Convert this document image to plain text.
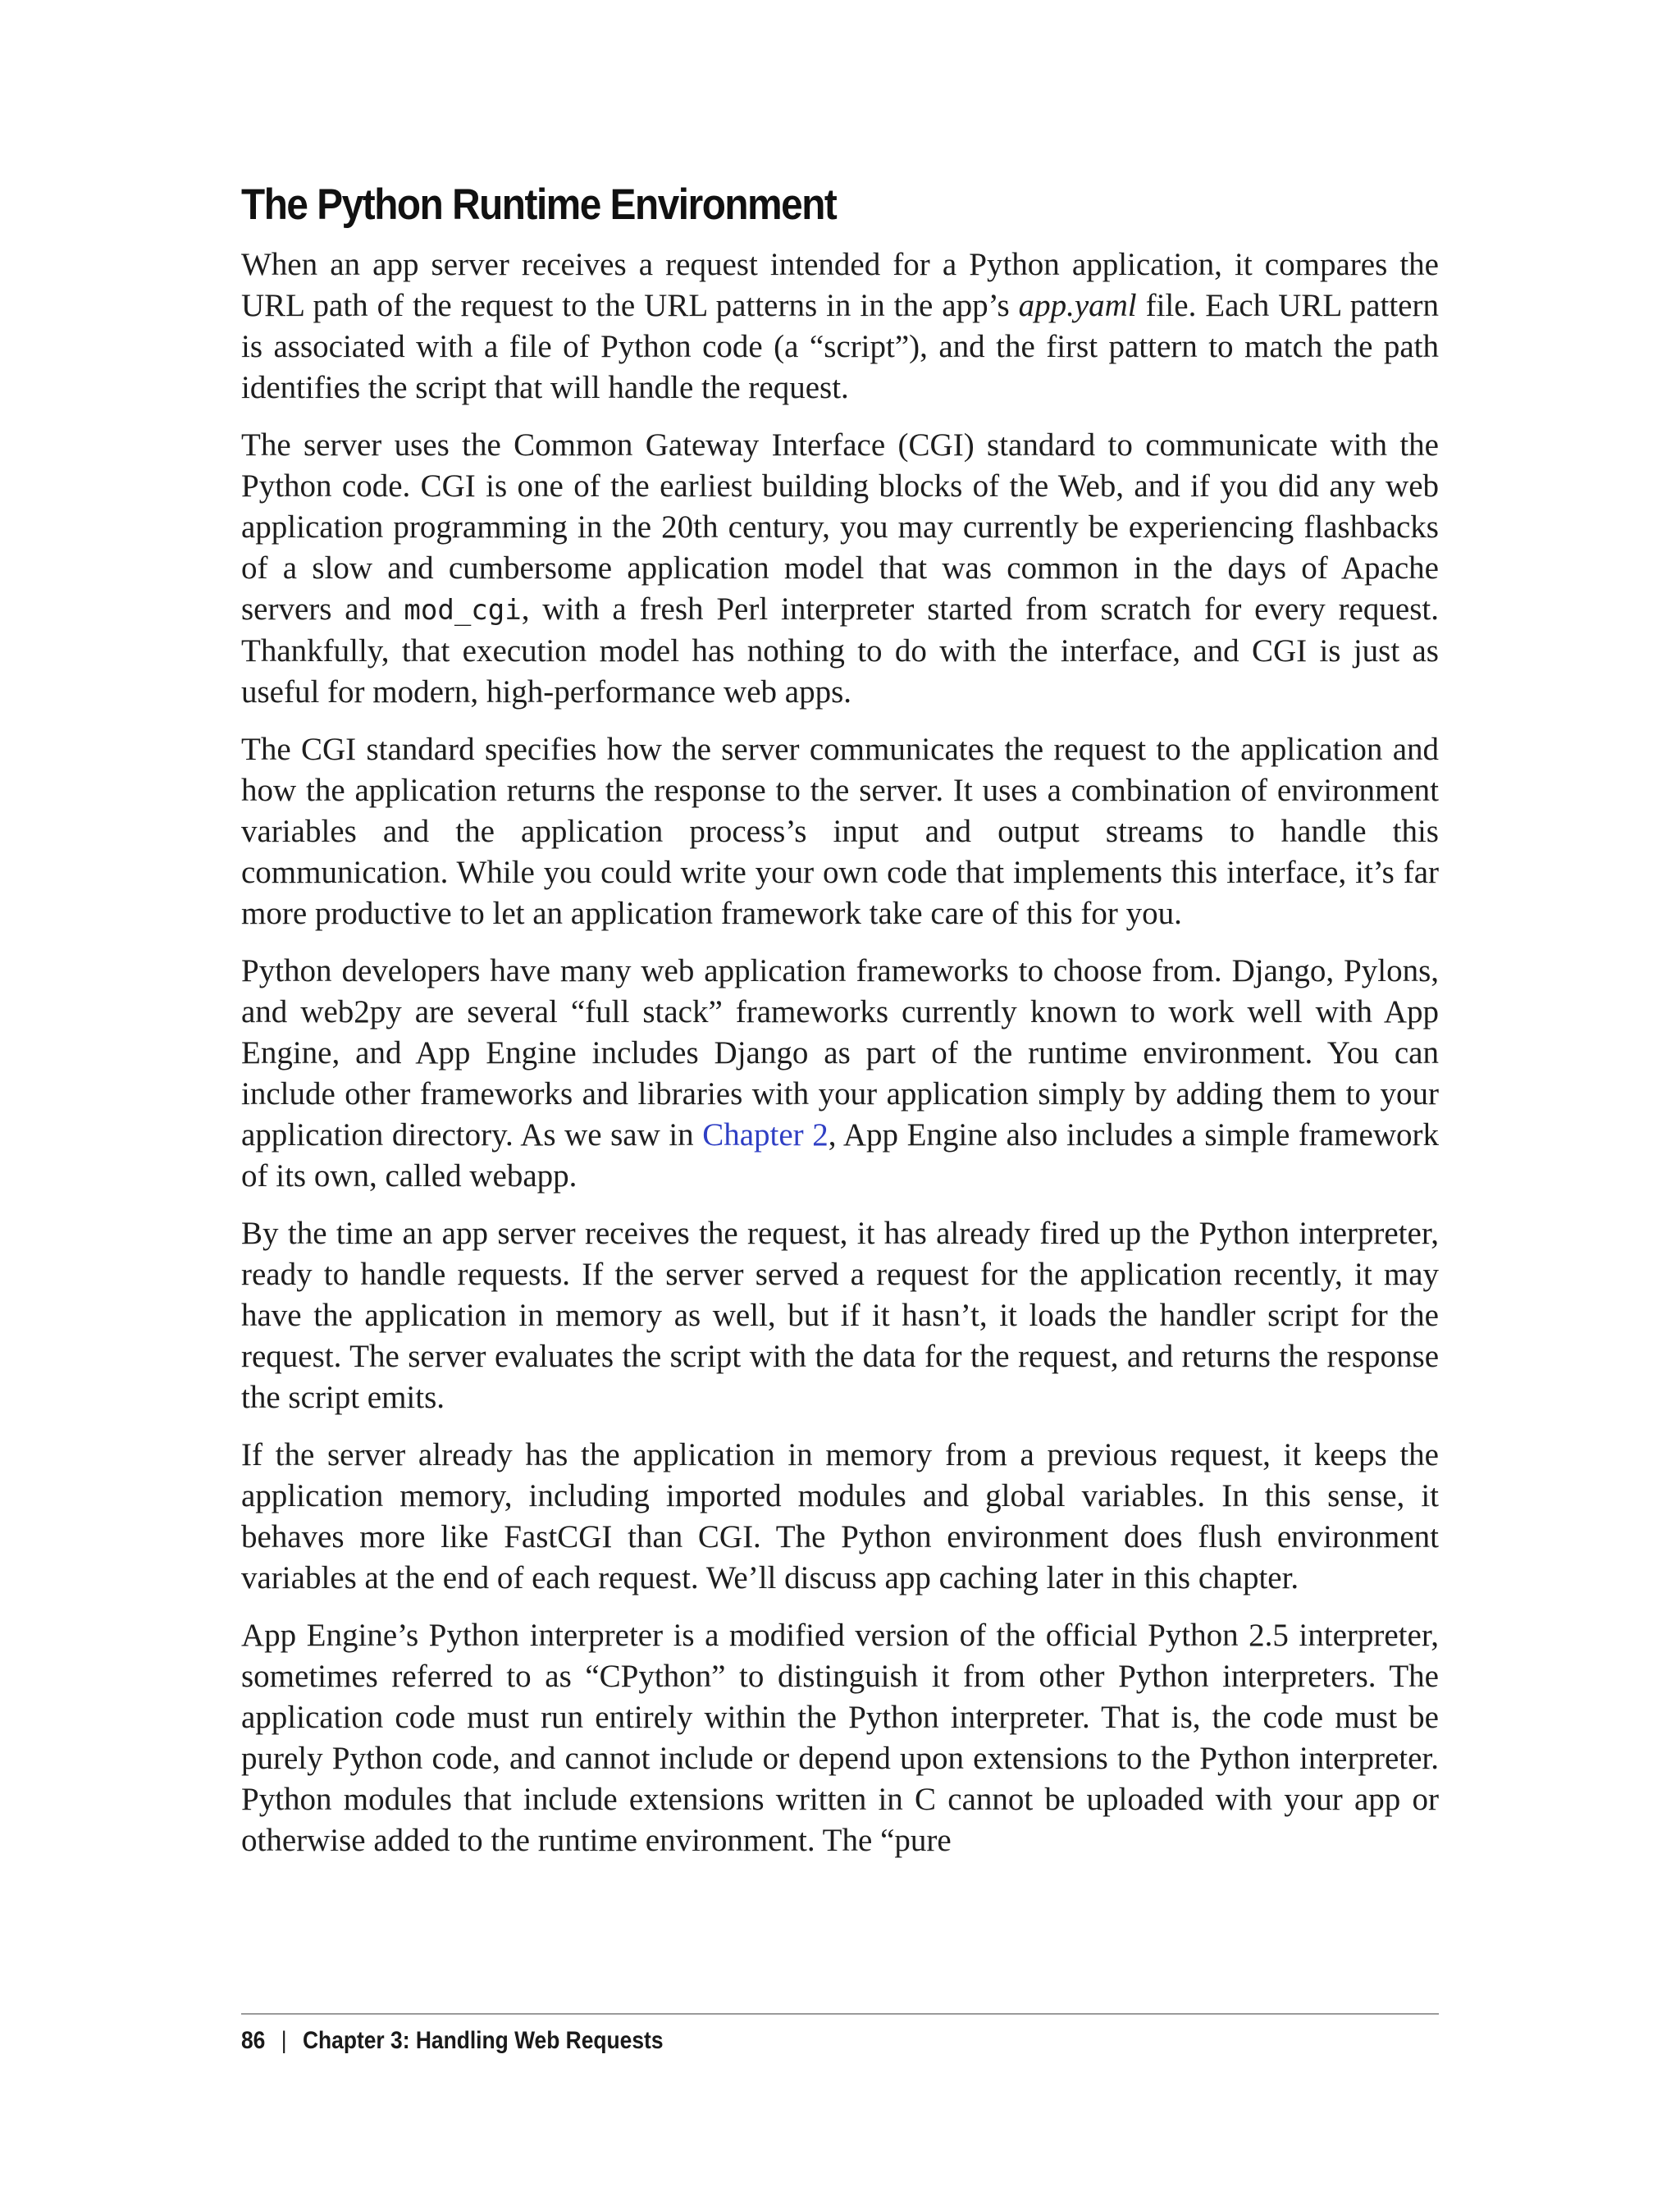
The Python Runtime Environment

When an app server receives a request intended for a Python application, it compares the URL path of the request to the URL patterns in in the app’s app.yaml file. Each URL pattern is associated with a file of Python code (a “script”), and the first pattern to match the path identifies the script that will handle the request.

The server uses the Common Gateway Interface (CGI) standard to communicate with the Python code. CGI is one of the earliest building blocks of the Web, and if you did any web application programming in the 20th century, you may currently be experiencing flashbacks of a slow and cumbersome application model that was common in the days of Apache servers and mod_cgi, with a fresh Perl interpreter started from scratch for every request. Thankfully, that execution model has nothing to do with the interface, and CGI is just as useful for modern, high-performance web apps.

The CGI standard specifies how the server communicates the request to the application and how the application returns the response to the server. It uses a combination of environment variables and the application process’s input and output streams to handle this communication. While you could write your own code that implements this interface, it’s far more productive to let an application framework take care of this for you.

Python developers have many web application frameworks to choose from. Django, Pylons, and web2py are several “full stack” frameworks currently known to work well with App Engine, and App Engine includes Django as part of the runtime environment. You can include other frameworks and libraries with your application simply by adding them to your application directory. As we saw in Chapter 2, App Engine also includes a simple framework of its own, called webapp.

By the time an app server receives the request, it has already fired up the Python interpreter, ready to handle requests. If the server served a request for the application recently, it may have the application in memory as well, but if it hasn’t, it loads the handler script for the request. The server evaluates the script with the data for the request, and returns the response the script emits.

If the server already has the application in memory from a previous request, it keeps the application memory, including imported modules and global variables. In this sense, it behaves more like FastCGI than CGI. The Python environment does flush environment variables at the end of each request. We’ll discuss app caching later in this chapter.

App Engine’s Python interpreter is a modified version of the official Python 2.5 interpreter, sometimes referred to as “CPython” to distinguish it from other Python interpreters. The application code must run entirely within the Python interpreter. That is, the code must be purely Python code, and cannot include or depend upon extensions to the Python interpreter. Python modules that include extensions written in C cannot be uploaded with your app or otherwise added to the runtime environment. The “pure

86 | Chapter 3: Handling Web Requests
